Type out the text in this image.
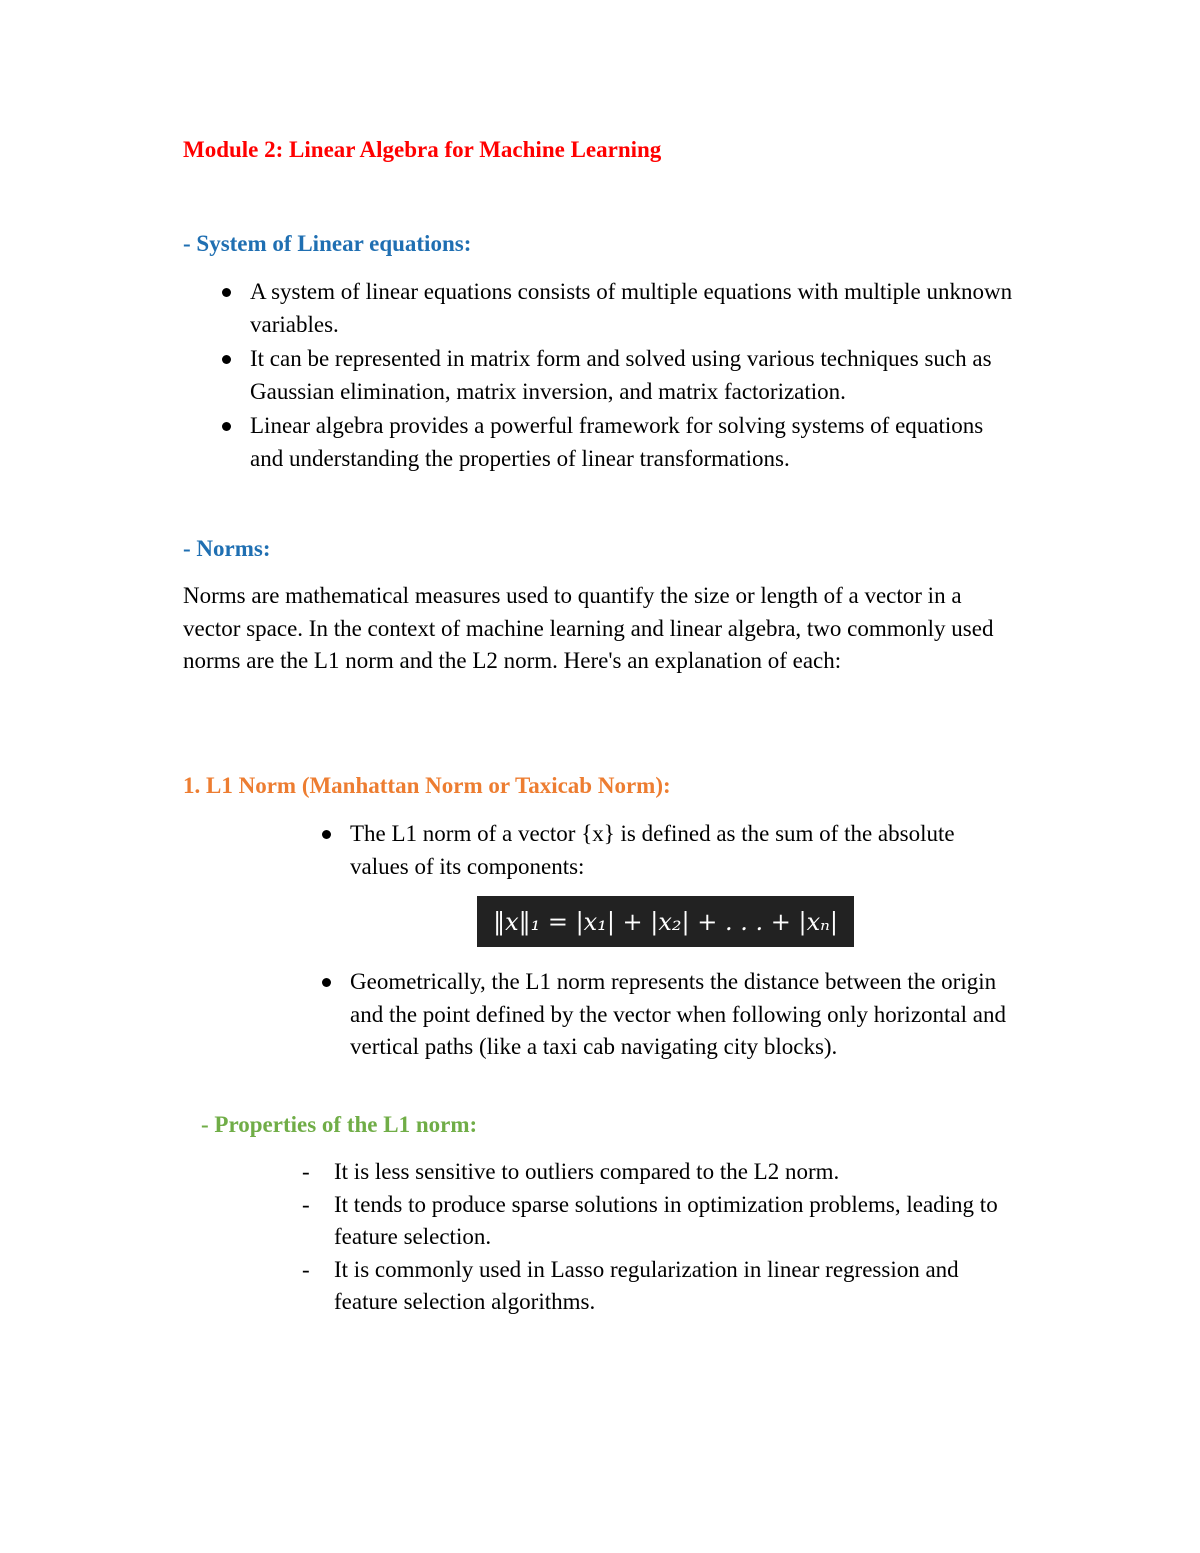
Module 2: Linear Algebra for Machine Learning
- System of Linear equations:
A system of linear equations consists of multiple equations with multiple unknown variables.
It can be represented in matrix form and solved using various techniques such as Gaussian elimination, matrix inversion, and matrix factorization.
Linear algebra provides a powerful framework for solving systems of equations and understanding the properties of linear transformations.
- Norms:

Norms are mathematical measures used to quantify the size or length of a vector in a vector space. In the context of machine learning and linear algebra, two commonly used norms are the L1 norm and the L2 norm. Here's an explanation of each:

1. L1 Norm (Manhattan Norm or Taxicab Norm):
The L1 norm of a vector {x} is defined as the sum of the absolute values of its components:
‖x‖₁ = |x₁| + |x₂| + . . . + |xₙ|
Geometrically, the L1 norm represents the distance between the origin and the point defined by the vector when following only horizontal and vertical paths (like a taxi cab navigating city blocks).
- Properties of the L1 norm:
- It is less sensitive to outliers compared to the L2 norm.
- It tends to produce sparse solutions in optimization problems, leading to feature selection.
- It is commonly used in Lasso regularization in linear regression and feature selection algorithms.
